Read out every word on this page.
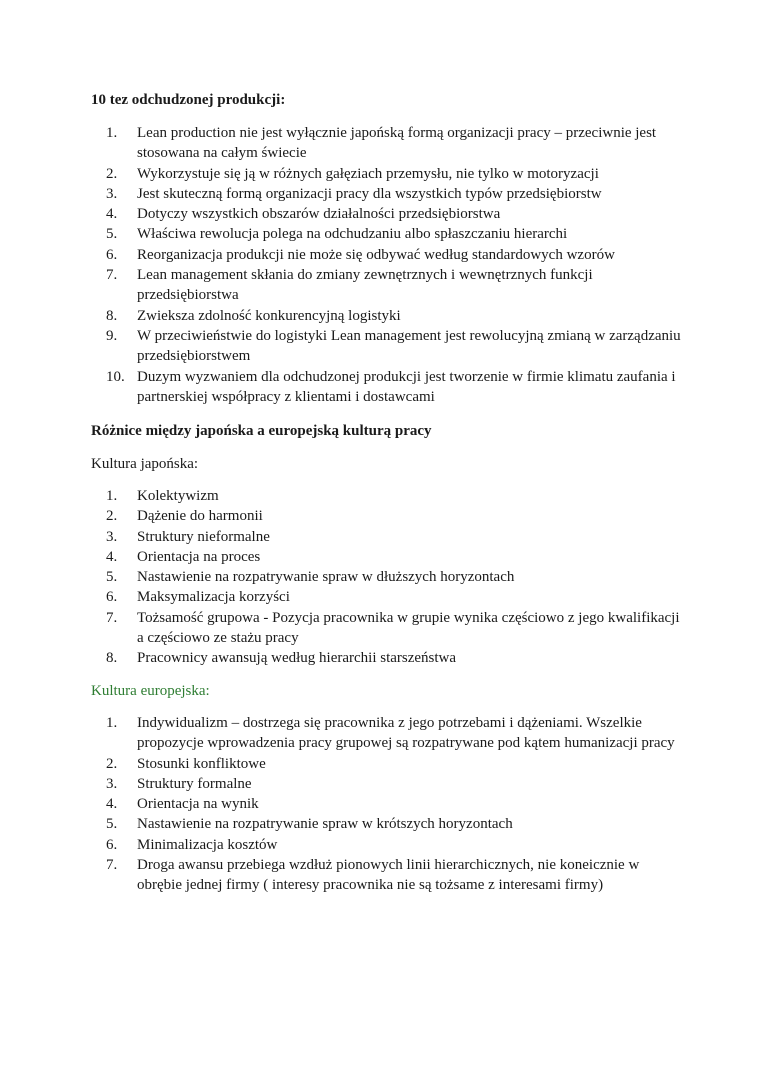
10 tez odchudzonej produkcji:
1.	Lean production nie jest wyłącznie japońską formą organizacji pracy – przeciwnie jest stosowana na całym świecie
2.	Wykorzystuje się ją w różnych gałęziach przemysłu, nie tylko w motoryzacji
3.	Jest skuteczną formą organizacji pracy dla wszystkich typów przedsiębiorstw
4.	Dotyczy wszystkich obszarów działalności przedsiębiorstwa
5.	Właściwa rewolucja polega na odchudzaniu albo spłaszczaniu hierarchi
6.	Reorganizacja produkcji nie może się odbywać według standardowych wzorów
7.	Lean management skłania do zmiany zewnętrznych i wewnętrznych funkcji przedsiębiorstwa
8.	Zwieksza zdolność konkurencyjną logistyki
9.	W przeciwieństwie do logistyki Lean management jest rewolucyjną zmianą w zarządzaniu przedsiębiorstwem
10. Duzym wyzwaniem dla odchudzonej produkcji jest tworzenie w firmie klimatu zaufania i partnerskiej współpracy z klientami i dostawcami
Różnice między japońska a europejską kulturą pracy

Kultura japońska:

1.	Kolektywizm
2.	Dążenie do harmonii
3.	Struktury nieformalne
4.	Orientacja na proces
5.	Nastawienie na rozpatrywanie spraw w dłuższych horyzontach
6.	Maksymalizacja korzyści
7.	Tożsamość grupowa - Pozycja pracownika w grupie wynika częściowo z jego kwalifikacji a częściowo ze stażu pracy
8.	Pracownicy awansują według hierarchii starszeństwa

Kultura europejska:

1.	Indywidualizm – dostrzega się pracownika z jego potrzebami i dążeniami. Wszelkie propozycje wprowadzenia pracy grupowej są rozpatrywane pod kątem humanizacji pracy
2.	Stosunki konfliktowe
3.	Struktury formalne
4.	Orientacja na wynik
5.	Nastawienie na rozpatrywanie spraw w krótszych horyzontach
6.	Minimalizacja kosztów
7.	Droga awansu przebiega wzdłuż pionowych linii hierarchicznych, nie koneicznie w obrębie jednej firmy ( interesy pracownika nie są tożsame z interesami firmy)
